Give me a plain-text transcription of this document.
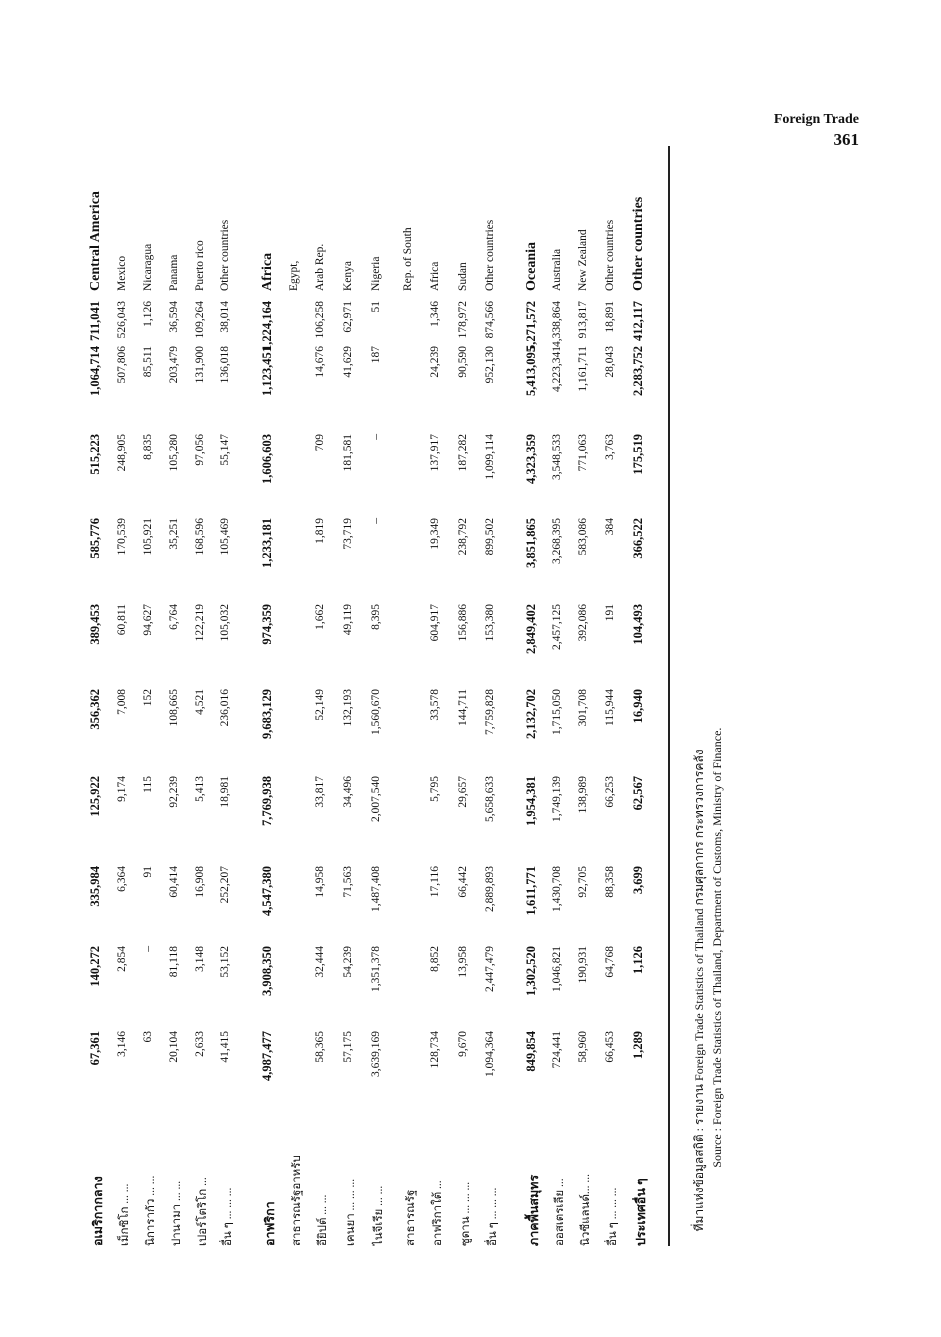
Foreign Trade
361
ที่มาแห่งข้อมูลสถิติ : รายงาน Foreign Trade Statistics of Thailand กรมศุลกากร กระทรวงการคลัง
Source : Foreign Trade Statistics of Thailand, Department of Customs, Ministry of Finance.
อเมริกากลาง
67,361
140,272
335,984
125,922
356,362
389,453
585,776
515,223
1,064,714
711,041
Central America
เม็กซิโก ... ...
3,146
2,854
6,364
9,174
7,008
60,811
170,539
248,905
507,806
526,043
Mexico
นิการากัว ... ...
63
–
91
115
152
94,627
105,921
8,835
85,511
1,126
Nicaragua
ปานามา ... ...
20,104
81,118
60,414
92,239
108,665
6,764
35,251
105,280
203,479
36,594
Panama
เปอร์โตริโก ...
2,633
3,148
16,908
5,413
4,521
122,219
168,596
97,056
131,900
109,264
Puerto rico
อื่น ๆ ... ... ...
41,415
53,152
252,207
18,981
236,016
105,032
105,469
55,147
136,018
38,014
Other countries
อาฟริกา
4,987,477
3,908,350
4,547,380
7,769,938
9,683,129
974,359
1,233,181
1,606,603
1,123,451
1,224,164
Africa
สาธารณรัฐอาหรับ
Egypt,
อียิปต์ ... ...
58,365
32,444
14,958
33,817
52,149
1,662
1,819
709
14,676
106,258
Arab Rep.
เคนยา ... ... ...
57,175
54,239
71,563
34,496
132,193
49,119
73,719
181,581
41,629
62,971
Kenya
ไนจีเรีย ... ...
3,639,169
1,351,378
1,487,408
2,007,540
1,560,670
8,395
–
–
187
51
Nigeria
สาธารณรัฐ
Rep. of South
อาฟริกาใต้ ...
128,734
8,852
17,116
5,795
33,578
604,917
19,349
137,917
24,239
1,346
Africa
ซูดาน ... ... ...
9,670
13,958
66,442
29,657
144,711
156,886
238,792
187,282
90,590
178,972
Sudan
อื่น ๆ ... ... ...
1,094,364
2,447,479
2,889,893
5,658,633
7,759,828
153,380
899,502
1,099,114
952,130
874,566
Other countries
ภาคพื้นสมุทร
849,854
1,302,520
1,611,771
1,954,381
2,132,702
2,849,402
3,851,865
4,323,359
5,413,095
5,271,572
Oceania
ออสเตรเลีย ...
724,441
1,046,821
1,430,708
1,749,139
1,715,050
2,457,125
3,268,395
3,548,533
4,223,341
4,338,864
Australia
นิวซีแลนด์... ...
58,960
190,931
92,705
138,989
301,708
392,086
583,086
771,063
1,161,711
913,817
New Zealand
อื่น ๆ ... ... ...
66,453
64,768
88,358
66,253
115,944
191
384
3,763
28,043
18,891
Other countries
ประเทศอื่น ๆ
1,289
1,126
3,699
62,567
16,940
104,493
366,522
175,519
2,283,752
412,117
Other countries
